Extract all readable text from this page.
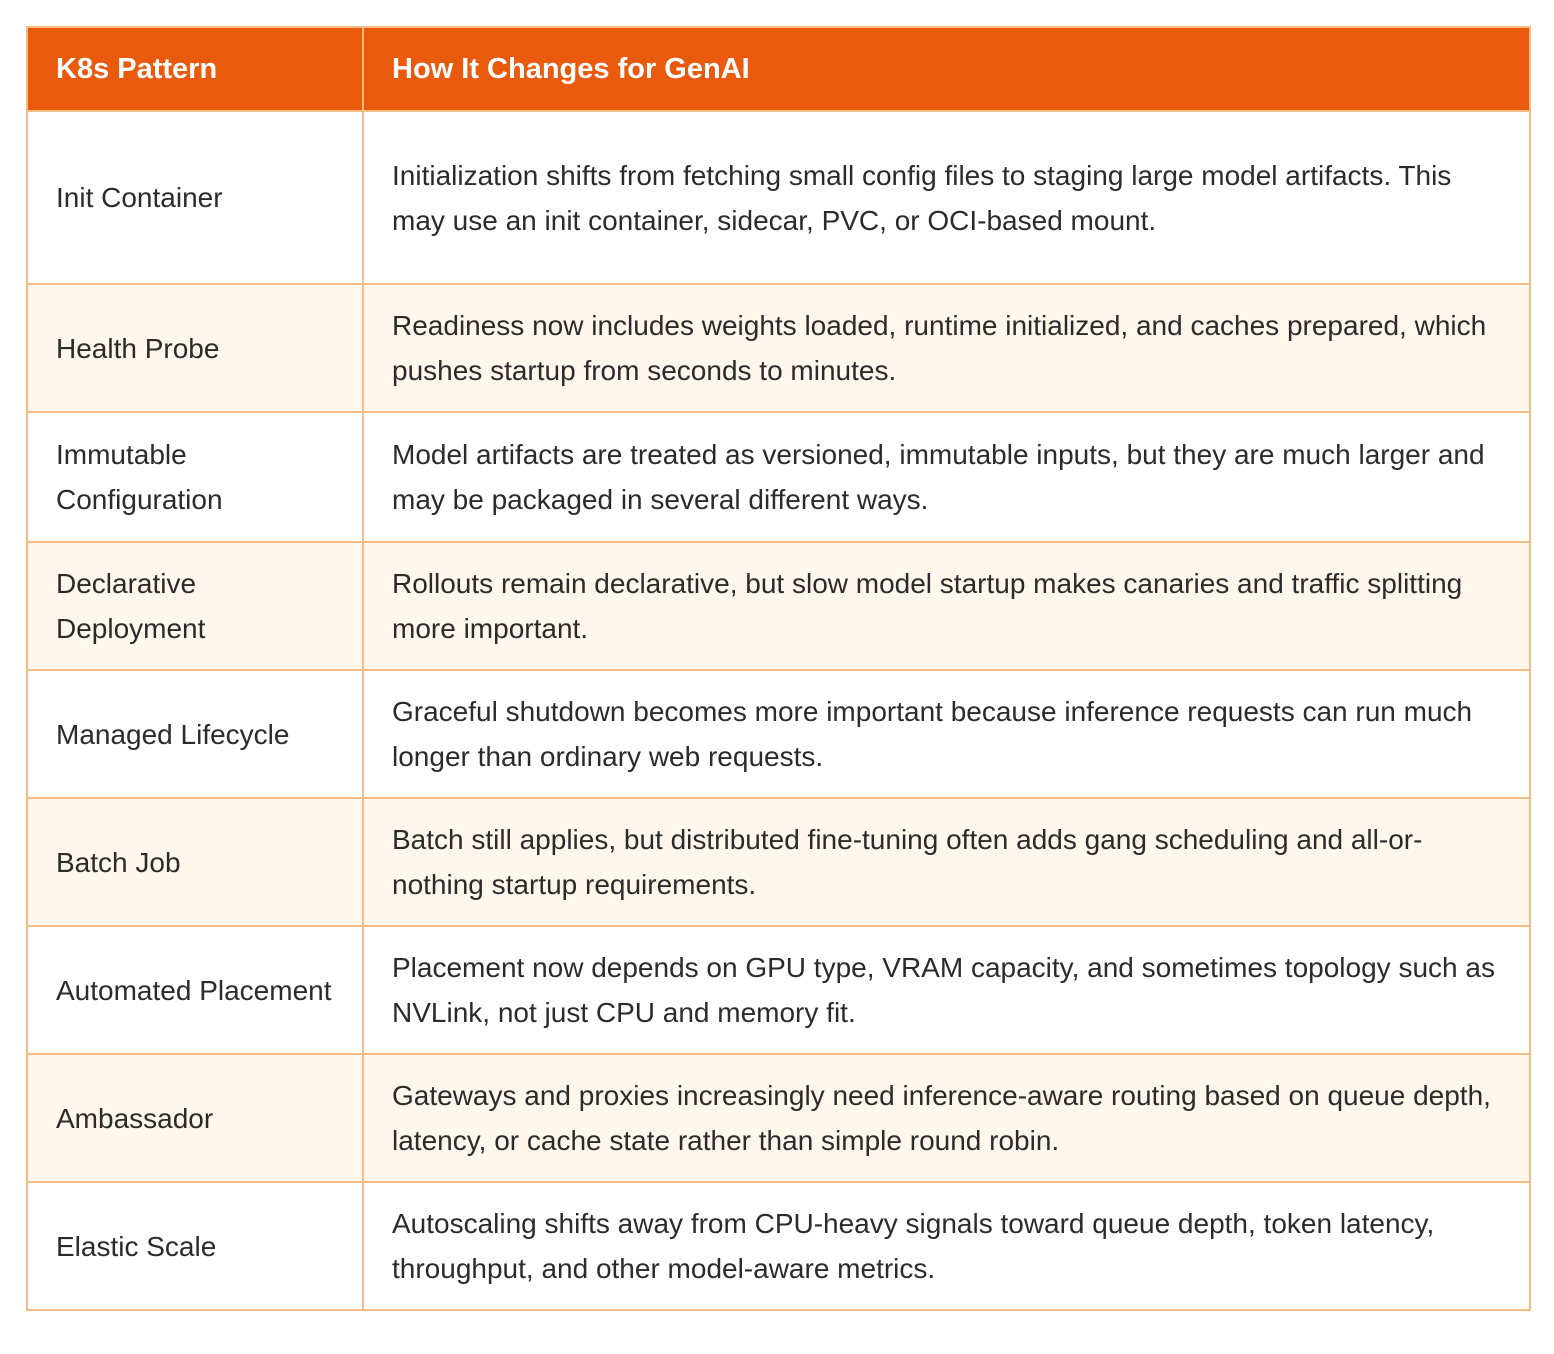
K8s Pattern	How It Changes for GenAI
Init Container	Initialization shifts from fetching small config files to staging large model artifacts. This may use an init container, sidecar, PVC, or OCI-based mount.
Health Probe	Readiness now includes weights loaded, runtime initialized, and caches prepared, which pushes startup from seconds to minutes.
Immutable Configuration	Model artifacts are treated as versioned, immutable inputs, but they are much larger and may be packaged in several different ways.
Declarative Deployment	Rollouts remain declarative, but slow model startup makes canaries and traffic splitting more important.
Managed Lifecycle	Graceful shutdown becomes more important because inference requests can run much longer than ordinary web requests.
Batch Job	Batch still applies, but distributed fine-tuning often adds gang scheduling and all-or-nothing startup requirements.
Automated Placement	Placement now depends on GPU type, VRAM capacity, and sometimes topology such as NVLink, not just CPU and memory fit.
Ambassador	Gateways and proxies increasingly need inference-aware routing based on queue depth, latency, or cache state rather than simple round robin.
Elastic Scale	Autoscaling shifts away from CPU-heavy signals toward queue depth, token latency, throughput, and other model-aware metrics.
